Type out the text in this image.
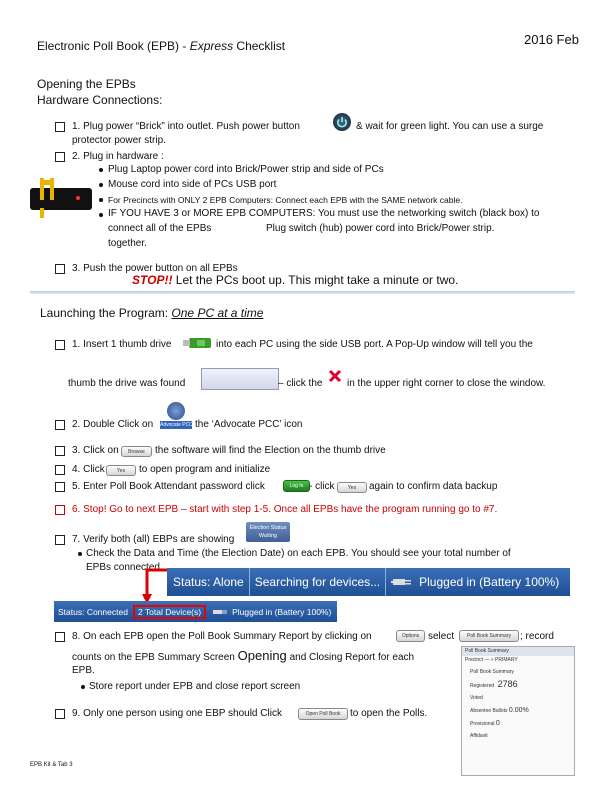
Electronic Poll Book (EPB) - Express Checklist	2016 Feb
Opening the EPBs
Hardware Connections:
1. Plug power “Brick” into outlet. Push power button	& wait for green light. You can use a surge
protector power strip.
2. Plug in hardware :
Plug Laptop power cord into Brick/Power strip and side of PCs
Mouse cord into side of PCs USB port
For Precincts with ONLY 2 EPB Computers: Connect each EPB with the SAME network cable.
IF YOU HAVE 3 or MORE EPB COMPUTERS: You must use the networking switch (black box) to
connect all of the EPBs	Plug switch (hub) power cord into Brick/Power strip.
together.
3. Push the power button on all EPBs
STOP!! Let the PCs boot up. This might take a minute or two.
Launching the Program: One PC at a time
1. Insert 1 thumb drive	into each PC using the side USB port. A Pop-Up window will tell you the
thumb the drive was found	– click the in the upper right corner to close the window.
2. Double Click on Advocate PCC the ‘Advocate PCC’ icon
3. Click on	Browse	the software will find the Election on the thumb drive
4. Click	Yes	to open program and initialize
5. Enter Poll Book Attendant password click	Log In - click	Yes	again to confirm data backup
6. Stop! Go to next EPB – start with step 1-5. Once all EPBs have the program running go to #7.
7. Verify both (all) EBPs are showing
Election Status
Waiting
Check the Data and Time (the Election Date) on each EPB. You should see your total number of
EPBs connected
Status: Alone Searching for devices...	Plugged in (Battery 100%)
Status: Connected	2 Total Device(s)	Plugged in (Battery 100%)
8. On each EPB open the Poll Book Summary Report by clicking on	Options select	Poll Book Summary ; record
counts on the EPB Summary Screen Opening and Closing Report for each
EPB.
Store report under EPB and close report screen
9. Only one person using one EBP should Click	Open Poll Book to open the Polls.
Poll Book Summary
Precinct — » PRIMARY
Poll Book Summary
Registered 2786
Voted
Absentee Ballots 0.00%
Provisional 0
Affidavit
EPB Kit & Tab 3
